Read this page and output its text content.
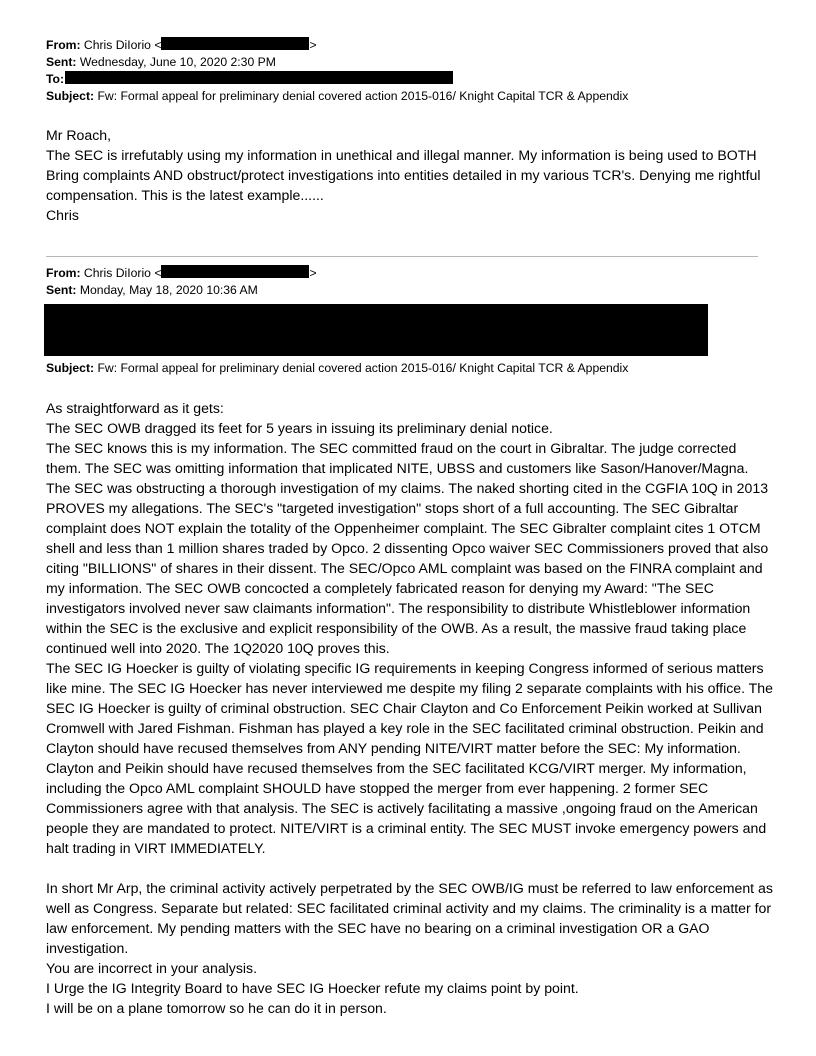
From: Chris DiIorio <	>
Sent: Wednesday, June 10, 2020 2:30 PM
To:
Subject: Fw: Formal appeal for preliminary denial covered action 2015-016/ Knight Capital TCR & Appendix

Mr Roach,

The SEC is irrefutably using my information in unethical and illegal manner. My information is being used to BOTH Bring complaints AND obstruct/protect investigations into entities detailed in my various TCR's. Denying me rightful compensation. This is the latest example......

Chris

From: Chris DiIorio <	>
Sent: Monday, May 18, 2020 10:36 AM
Subject: Fw: Formal appeal for preliminary denial covered action 2015-016/ Knight Capital TCR & Appendix

As straightforward as it gets:

The SEC OWB dragged its feet for 5 years in issuing its preliminary denial notice.

The SEC knows this is my information. The SEC committed fraud on the court in Gibraltar. The judge corrected them. The SEC was omitting information that implicated NITE, UBSS and customers like Sason/Hanover/Magna. The SEC was obstructing a thorough investigation of my claims. The naked shorting cited in the CGFIA 10Q in 2013 PROVES my allegations. The SEC's "targeted investigation" stops short of a full accounting. The SEC Gibraltar complaint does NOT explain the totality of the Oppenheimer complaint. The SEC Gibralter complaint cites 1 OTCM shell and less than 1 million shares traded by Opco. 2 dissenting Opco waiver SEC Commissioners proved that also citing "BILLIONS" of shares in their dissent. The SEC/Opco AML complaint was based on the FINRA complaint and my information. The SEC OWB concocted a completely fabricated reason for denying my Award: "The SEC investigators involved never saw claimants information". The responsibility to distribute Whistleblower information within the SEC is the exclusive and explicit responsibility of the OWB. As a result, the massive fraud taking place continued well into 2020. The 1Q2020 10Q proves this.

The SEC IG Hoecker is guilty of violating specific IG requirements in keeping Congress informed of serious matters like mine. The SEC IG Hoecker has never interviewed me despite my filing 2 separate complaints with his office. The SEC IG Hoecker is guilty of criminal obstruction. SEC Chair Clayton and Co Enforcement Peikin worked at Sullivan Cromwell with Jared Fishman. Fishman has played a key role in the SEC facilitated criminal obstruction. Peikin and Clayton should have recused themselves from ANY pending NITE/VIRT matter before the SEC: My information. Clayton and Peikin should have recused themselves from the SEC facilitated KCG/VIRT merger. My information, including the Opco AML complaint SHOULD have stopped the merger from ever happening. 2 former SEC Commissioners agree with that analysis. The SEC is actively facilitating a massive ,ongoing fraud on the American people they are mandated to protect. NITE/VIRT is a criminal entity. The SEC MUST invoke emergency powers and halt trading in VIRT IMMEDIATELY.

In short Mr Arp, the criminal activity actively perpetrated by the SEC OWB/IG must be referred to law enforcement as well as Congress. Separate but related: SEC facilitated criminal activity and my claims. The criminality is a matter for law enforcement. My pending matters with the SEC have no bearing on a criminal investigation OR a GAO investigation.

You are incorrect in your analysis.

I Urge the IG Integrity Board to have SEC IG Hoecker refute my claims point by point.

I will be on a plane tomorrow so he can do it in person.
